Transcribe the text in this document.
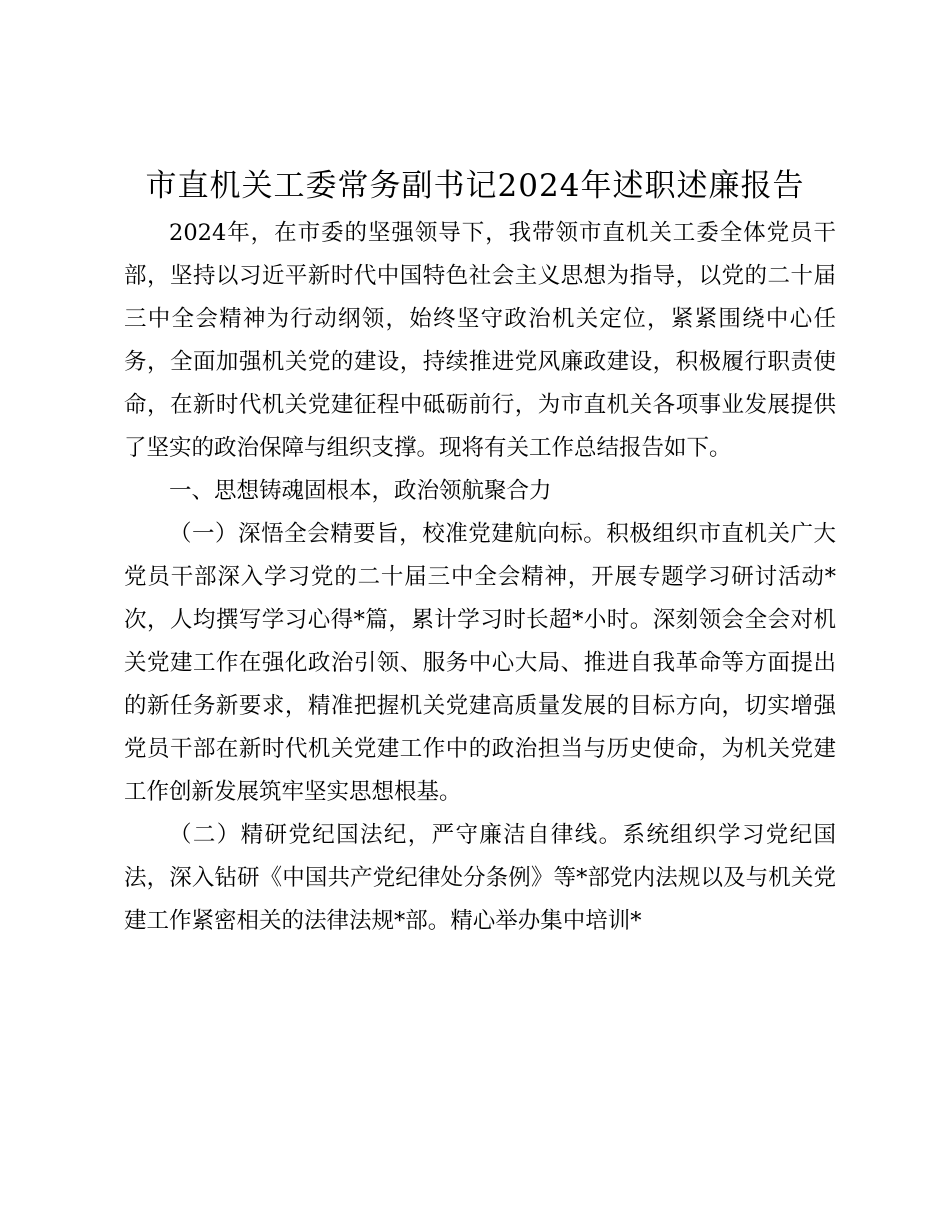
市直机关工委常务副书记2024年述职述廉报告

2024年，在市委的坚强领导下，我带领市直机关工委全体党员干部，坚持以习近平新时代中国特色社会主义思想为指导，以党的二十届三中全会精神为行动纲领，始终坚守政治机关定位，紧紧围绕中心任务，全面加强机关党的建设，持续推进党风廉政建设，积极履行职责使命，在新时代机关党建征程中砥砺前行，为市直机关各项事业发展提供了坚实的政治保障与组织支撑。现将有关工作总结报告如下。

一、思想铸魂固根本，政治领航聚合力

（一）深悟全会精要旨，校准党建航向标。积极组织市直机关广大党员干部深入学习党的二十届三中全会精神，开展专题学习研讨活动*次，人均撰写学习心得*篇，累计学习时长超*小时。深刻领会全会对机关党建工作在强化政治引领、服务中心大局、推进自我革命等方面提出的新任务新要求，精准把握机关党建高质量发展的目标方向，切实增强党员干部在新时代机关党建工作中的政治担当与历史使命，为机关党建工作创新发展筑牢坚实思想根基。

（二）精研党纪国法纪，严守廉洁自律线。系统组织学习党纪国法，深入钻研《中国共产党纪律处分条例》等*部党内法规以及与机关党建工作紧密相关的法律法规*部。精心举办集中培训*
